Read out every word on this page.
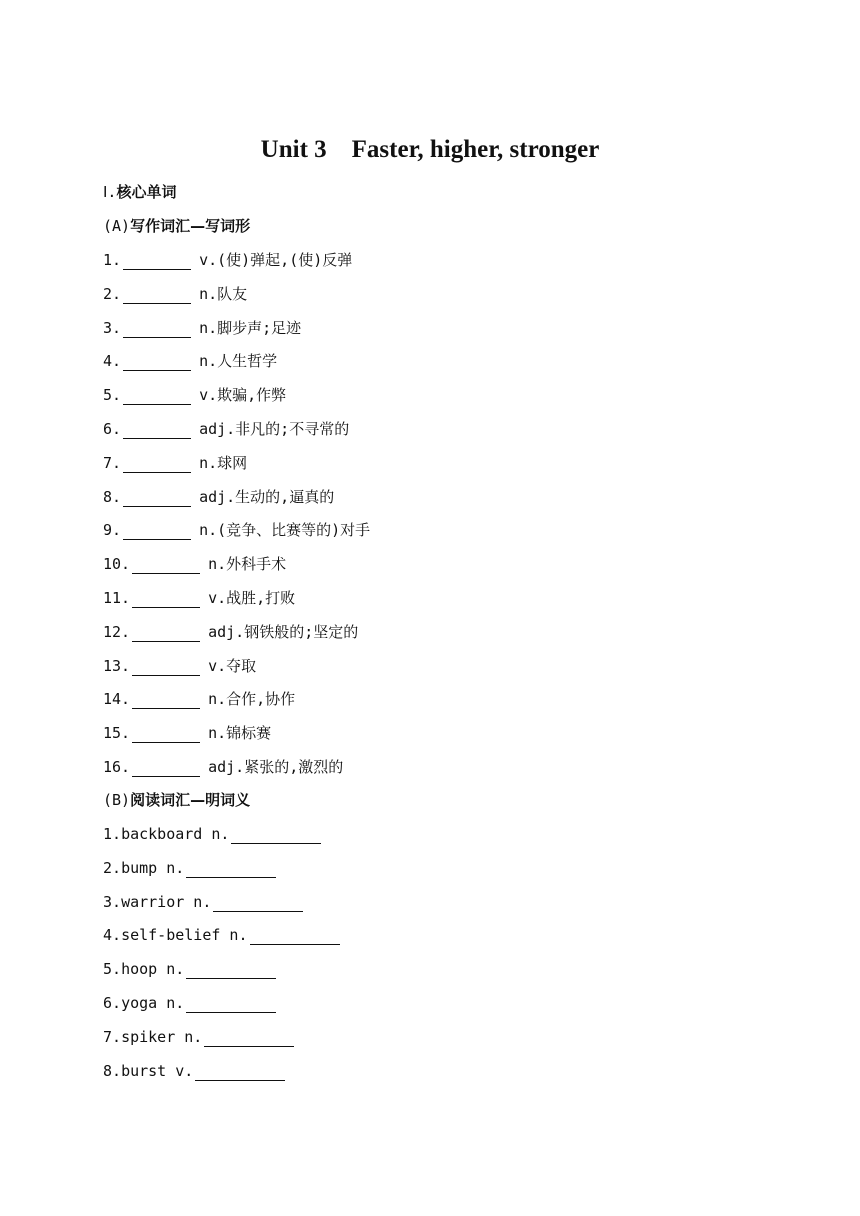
Unit 3    Faster, higher, stronger
Ⅰ. 核心单词
(A) 写作词汇—写词形
1.	v.(使)弹起,(使)反弹
2.	n.队友
3.	n.脚步声;足迹
4.	n.人生哲学
5.	v.欺骗,作弊
6.	adj.非凡的;不寻常的
7.	n.球网
8.	adj.生动的,逼真的
9.	n.(竞争、比赛等的)对手
10.	n.外科手术
11.	v.战胜,打败
12.	adj.钢铁般的;坚定的
13.	v.夺取
14.	n.合作,协作
15.	n.锦标赛
16.	adj.紧张的,激烈的
(B) 阅读词汇—明词义
1. backboard n.
2. bump n.
3. warrior n.
4. self-belief n.
5. hoop n.
6. yoga n.
7. spiker n.
8. burst v.
